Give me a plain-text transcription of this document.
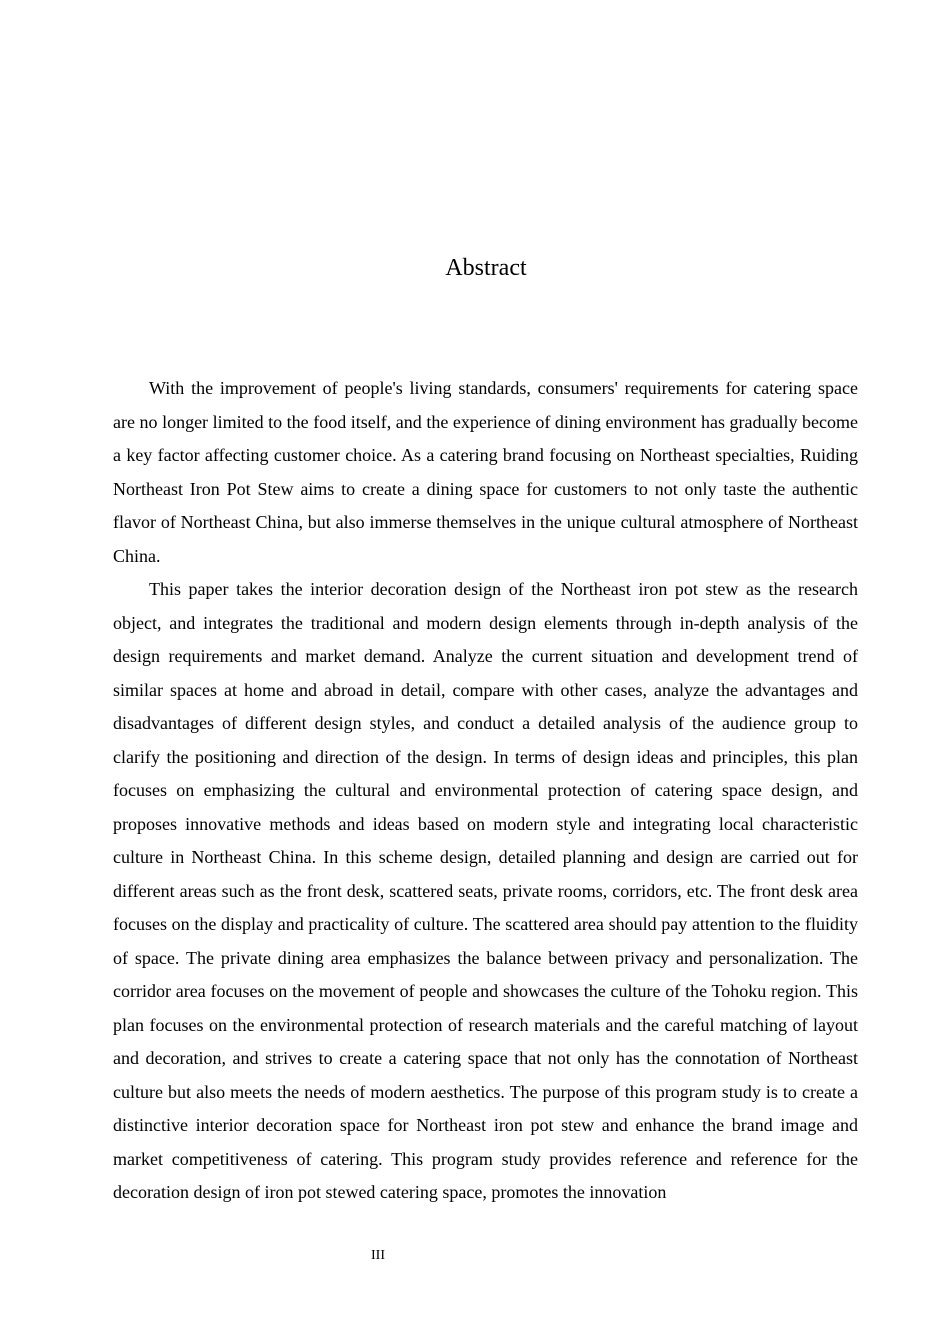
Abstract

With the improvement of people's living standards, consumers' requirements for catering space are no longer limited to the food itself, and the experience of dining environment has gradually become a key factor affecting customer choice. As a catering brand focusing on Northeast specialties, Ruiding Northeast Iron Pot Stew aims to create a dining space for customers to not only taste the authentic flavor of Northeast China, but also immerse themselves in the unique cultural atmosphere of Northeast China.

This paper takes the interior decoration design of the Northeast iron pot stew as the research object, and integrates the traditional and modern design elements through in-depth analysis of the design requirements and market demand. Analyze the current situation and development trend of similar spaces at home and abroad in detail, compare with other cases, analyze the advantages and disadvantages of different design styles, and conduct a detailed analysis of the audience group to clarify the positioning and direction of the design. In terms of design ideas and principles, this plan focuses on emphasizing the cultural and environmental protection of catering space design, and proposes innovative methods and ideas based on modern style and integrating local characteristic culture in Northeast China. In this scheme design, detailed planning and design are carried out for different areas such as the front desk, scattered seats, private rooms, corridors, etc. The front desk area focuses on the display and practicality of culture. The scattered area should pay attention to the fluidity of space. The private dining area emphasizes the balance between privacy and personalization. The corridor area focuses on the movement of people and showcases the culture of the Tohoku region. This plan focuses on the environmental protection of research materials and the careful matching of layout and decoration, and strives to create a catering space that not only has the connotation of Northeast culture but also meets the needs of modern aesthetics. The purpose of this program study is to create a distinctive interior decoration space for Northeast iron pot stew and enhance the brand image and market competitiveness of catering. This program study provides reference and reference for the decoration design of iron pot stewed catering space, promotes the innovation

III
